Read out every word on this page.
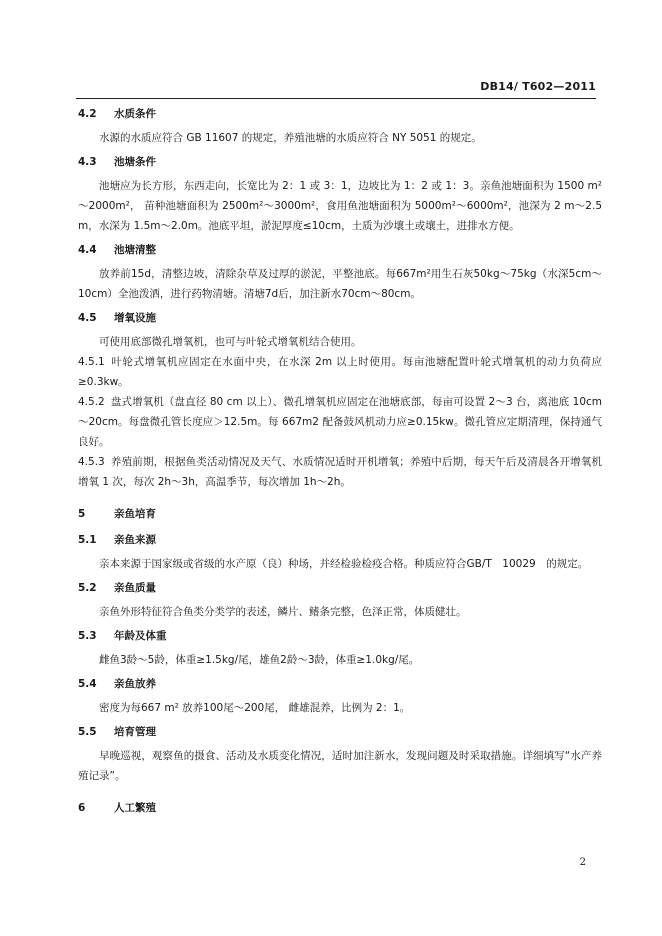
DB14/ T602—2011
4.2	水质条件

水源的水质应符合 GB 11607 的规定，养殖池塘的水质应符合 NY 5051 的规定。

4.3	池塘条件

池塘应为长方形，东西走向，长宽比为 2：1 或 3：1，边坡比为 1：2 或 1：3。亲鱼池塘面积为 1500 m²～2000m²， 苗种池塘面积为 2500m²～3000m²，食用鱼池塘面积为 5000m²～6000m²，池深为 2 m～2.5 m，水深为 1.5m～2.0m。池底平坦，淤泥厚度≤10cm，土质为沙壤土或壤土，进排水方便。

4.4	池塘清整

放养前15d，清整边坡，清除杂草及过厚的淤泥，平整池底。每667m²用生石灰50kg～75kg（水深5cm～10cm）全池泼洒，进行药物清塘。清塘7d后，加注新水70cm～80cm。

4.5	增氧设施

可使用底部微孔增氧机，也可与叶轮式增氧机结合使用。

4.5.1 叶轮式增氧机应固定在水面中央，在水深 2m 以上时使用。每亩池塘配置叶轮式增氧机的动力负荷应≥0.3kw。

4.5.2 盘式增氧机（盘直径 80 cm 以上）、微孔增氧机应固定在池塘底部，每亩可设置 2～3 台，离池底 10cm～20cm。每盘微孔管长度应＞12.5m。每 667m2 配备鼓风机动力应≥0.15kw。微孔管应定期清理，保持通气良好。

4.5.3 养殖前期，根据鱼类活动情况及天气、水质情况适时开机增氧；养殖中后期，每天午后及清晨各开增氧机增氧 1 次，每次 2h～3h，高温季节，每次增加 1h～2h。

5	亲鱼培育
5.1	亲鱼来源

亲本来源于国家级或省级的水产原（良）种场，并经检验检疫合格。种质应符合GB/T　10029　的规定。

5.2	亲鱼质量

亲鱼外形特征符合鱼类分类学的表述，鳞片、鳍条完整，色泽正常，体质健壮。

5.3	年龄及体重

雌鱼3龄～5龄，体重≥1.5kg/尾，雄鱼2龄～3龄，体重≥1.0kg/尾。

5.4	亲鱼放养

密度为每667 m² 放养100尾～200尾， 雌雄混养，比例为 2：1。

5.5	培育管理

早晚巡视，观察鱼的摄食、活动及水质变化情况，适时加注新水，发现问题及时采取措施。详细填写“水产养殖记录”。

6	人工繁殖
2
